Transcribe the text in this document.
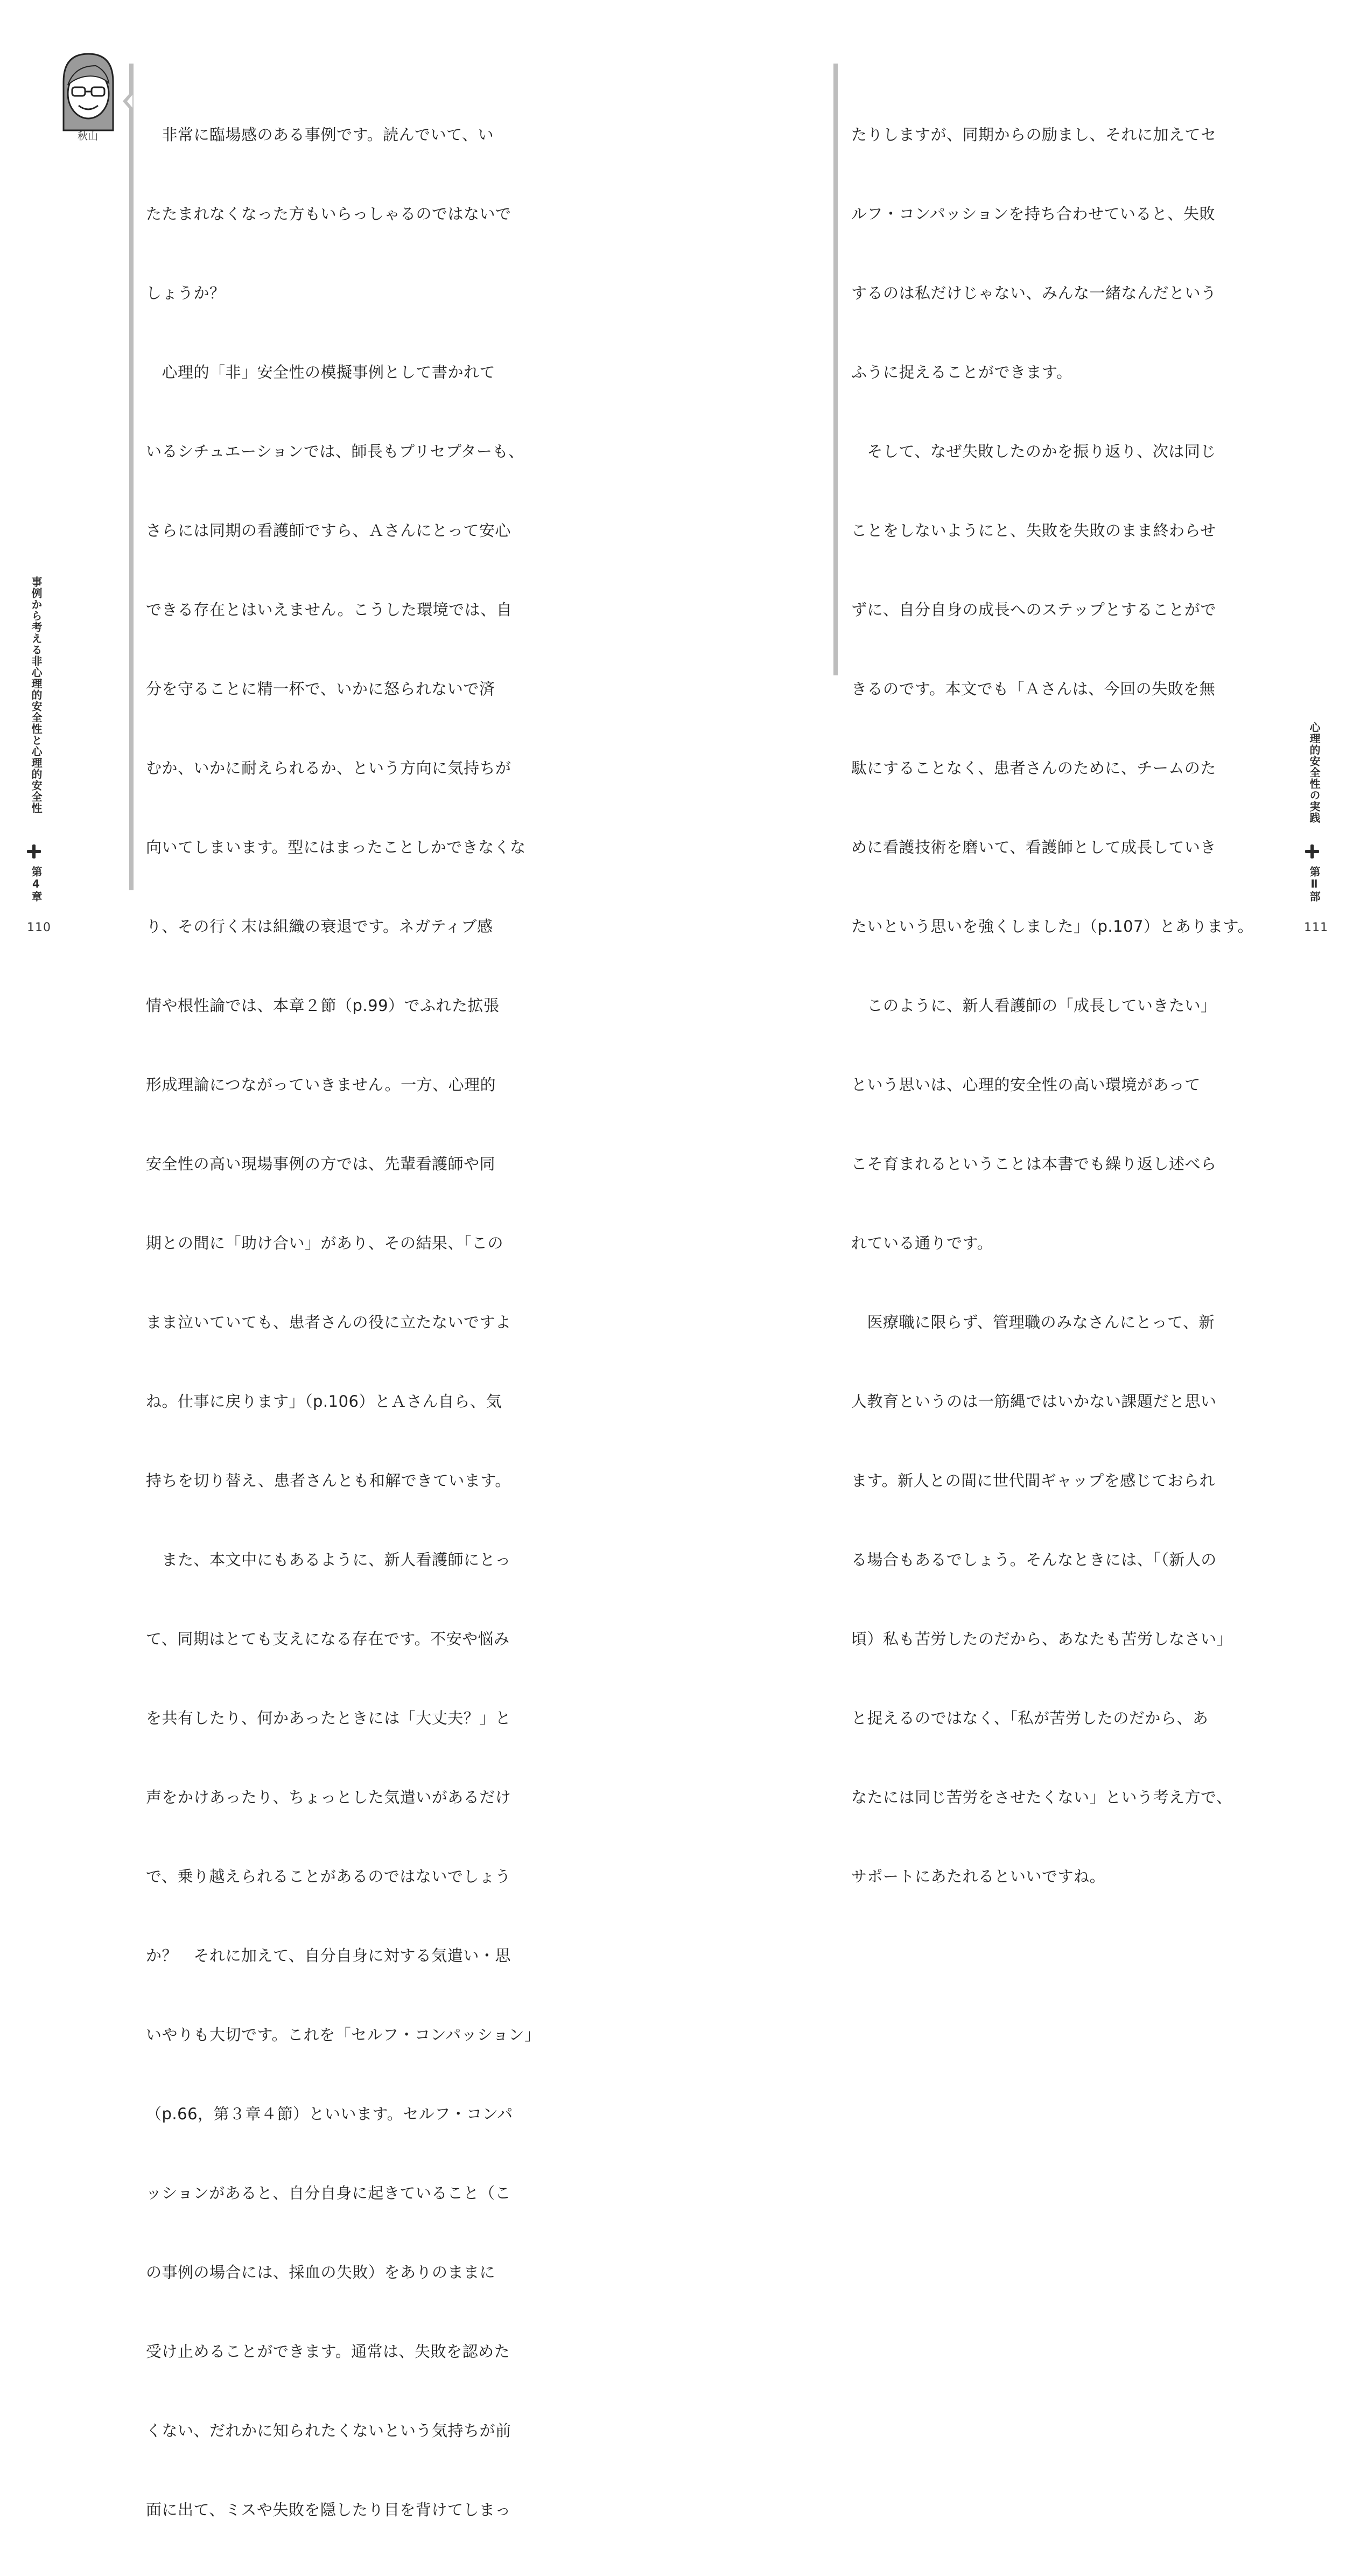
秋山

	　非常に臨場感のある事例です。読んでいて、い

たたまれなくなった方もいらっしゃるのではないで

しょうか？

　心理的「非」安全性の模擬事例として書かれて

いるシチュエーションでは、師長もプリセプターも、

さらには同期の看護師ですら、Ａさんにとって安心

できる存在とはいえません。こうした環境では、自

分を守ることに精一杯で、いかに怒られないで済

むか、いかに耐えられるか、という方向に気持ちが

向いてしまいます。型にはまったことしかできなくな

り、その行く末は組織の衰退です。ネガティブ感

情や根性論では、本章２節（p.99）でふれた拡張

形成理論につながっていきません。一方、心理的

安全性の高い現場事例の方では、先輩看護師や同

期との間に「助け合い」があり、その結果、「この

まま泣いていても、患者さんの役に立たないですよ

ね。仕事に戻ります」（p.106）とＡさん自ら、気

持ちを切り替え、患者さんとも和解できています。

　また、本文中にもあるように、新人看護師にとっ

て、同期はとても支えになる存在です。不安や悩み

を共有したり、何かあったときには「大丈夫？」と

声をかけあったり、ちょっとした気遣いがあるだけ

で、乗り越えられることがあるのではないでしょう

か？　それに加えて、自分自身に対する気遣い・思

いやりも大切です。これを「セルフ・コンパッション」

（p.66，第３章４節）といいます。セルフ・コンパ

ッションがあると、自分自身に起きていること（こ

の事例の場合には、採血の失敗）をありのままに

受け止めることができます。通常は、失敗を認めた

くない、だれかに知られたくないという気持ちが前

面に出て、ミスや失敗を隠したり目を背けてしまっ

事例から考える非心理的安全性と心理的安全性
第4章
110

たりしますが、同期からの励まし、それに加えてセ

ルフ・コンパッションを持ち合わせていると、失敗

するのは私だけじゃない、みんな一緒なんだという

ふうに捉えることができます。

　そして、なぜ失敗したのかを振り返り、次は同じ

ことをしないようにと、失敗を失敗のまま終わらせ

ずに、自分自身の成長へのステップとすることがで

きるのです。本文でも「Ａさんは、今回の失敗を無

駄にすることなく、患者さんのために、チームのた

めに看護技術を磨いて、看護師として成長していき

たいという思いを強くしました」（p.107）とあります。

　このように、新人看護師の「成長していきたい」

という思いは、心理的安全性の高い環境があって

こそ育まれるということは本書でも繰り返し述べら

れている通りです。

　医療職に限らず、管理職のみなさんにとって、新

人教育というのは一筋縄ではいかない課題だと思い

ます。新人との間に世代間ギャップを感じておられ

る場合もあるでしょう。そんなときには、「（新人の

頃）私も苦労したのだから、あなたも苦労しなさい」

と捉えるのではなく、「私が苦労したのだから、あ

なたには同じ苦労をさせたくない」という考え方で、

サポートにあたれるといいですね。

心理的安全性の実践
第Ⅱ部
111
